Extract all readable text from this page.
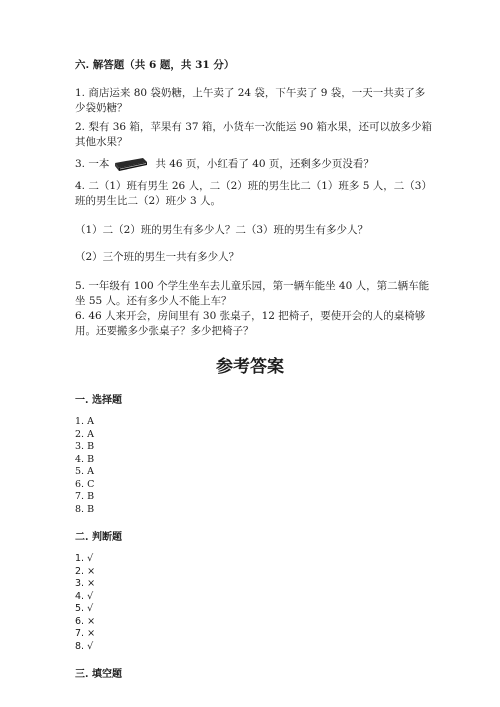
六. 解答题（共 6 题，共 31 分）

1. 商店运来 80 袋奶糖，上午卖了 24 袋，下午卖了 9 袋，一天一共卖了多少袋奶糖？

2. 梨有 36 箱，苹果有 37 箱，小货车一次能运 90 箱水果，还可以放多少箱其他水果？

3. 一本	共 46 页，小红看了 40 页，还剩多少页没看？

4. 二（1）班有男生 26 人，二（2）班的男生比二（1）班多 5 人，二（3）班的男生比二（2）班少 3 人。

（1）二（2）班的男生有多少人？二（3）班的男生有多少人？

（2）三个班的男生一共有多少人？

5. 一年级有 100 个学生坐车去儿童乐园，第一辆车能坐 40 人，第二辆车能坐 55 人。还有多少人不能上车？

6. 46 人来开会，房间里有 30 张桌子，12 把椅子，要使开会的人的桌椅够用。还要搬多少张桌子？多少把椅子？

参考答案
一. 选择题
1. A
2. A
3. B
4. B
5. A
6. C
7. B
8. B
二. 判断题
1. √
2. ×
3. ×
4. √
5. √
6. ×
7. ×
8. √
三. 填空题
